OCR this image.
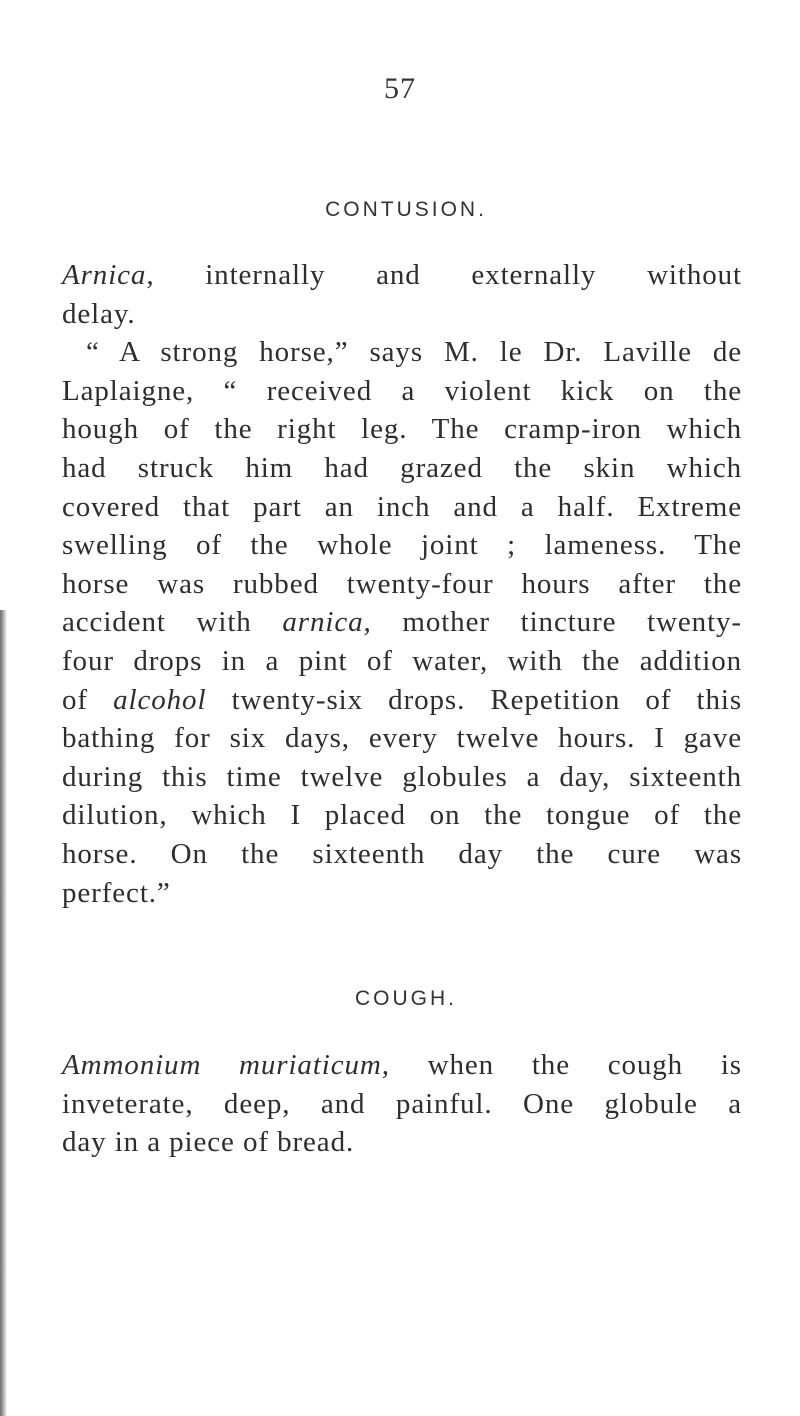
57
CONTUSION.
Arnica, internally and externally without
delay.
“ A strong horse,” says M. le Dr. Laville de
Laplaigne, “ received a violent kick on the
hough of the right leg. The cramp-iron which
had struck him had grazed the skin which
covered that part an inch and a half. Extreme
swelling of the whole joint ; lameness. The
horse was rubbed twenty-four hours after the
accident with arnica, mother tincture twenty-
four drops in a pint of water, with the addition
of alcohol twenty-six drops. Repetition of this
bathing for six days, every twelve hours. I gave
during this time twelve globules a day, sixteenth
dilution, which I placed on the tongue of the
horse. On the sixteenth day the cure was
perfect.”
COUGH.
Ammonium muriaticum, when the cough is
inveterate, deep, and painful. One globule a
day in a piece of bread.
